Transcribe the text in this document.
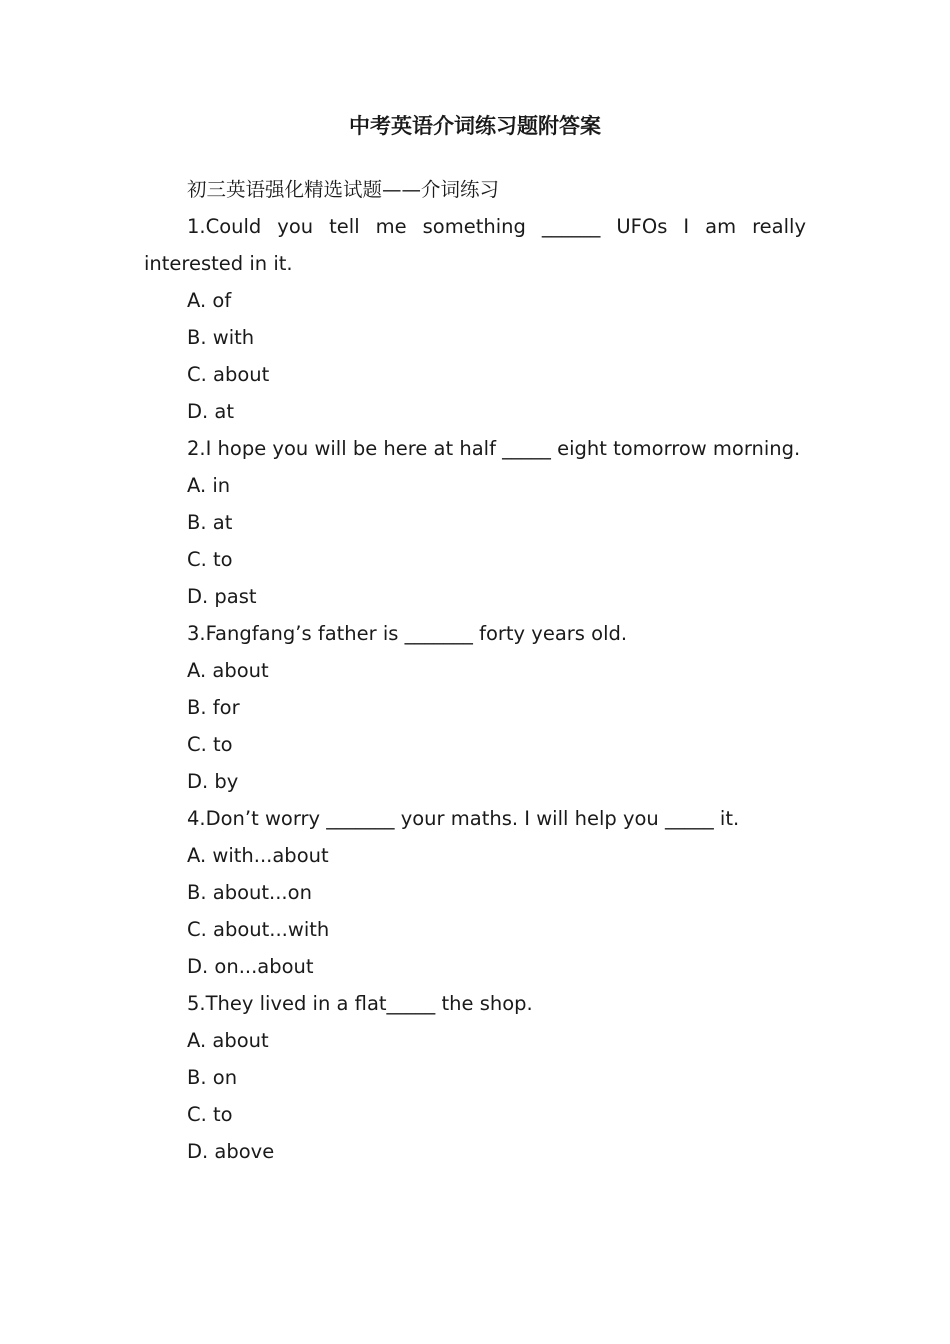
中考英语介词练习题附答案

初三英语强化精选试题——介词练习

1.Could you tell me something ______ UFOs I am really interested in it.

A. of

B. with

C. about

D. at

2.I hope you will be here at half _____ eight tomorrow morning.

A. in

B. at

C. to

D. past

3.Fangfang’s father is _______ forty years old.

A. about

B. for

C. to

D. by

4.Don’t worry _______ your maths. I will help you _____ it.

A. with...about

B. about...on

C. about...with

D. on...about

5.They lived in a flat_____ the shop.

A. about

B. on

C. to

D. above
